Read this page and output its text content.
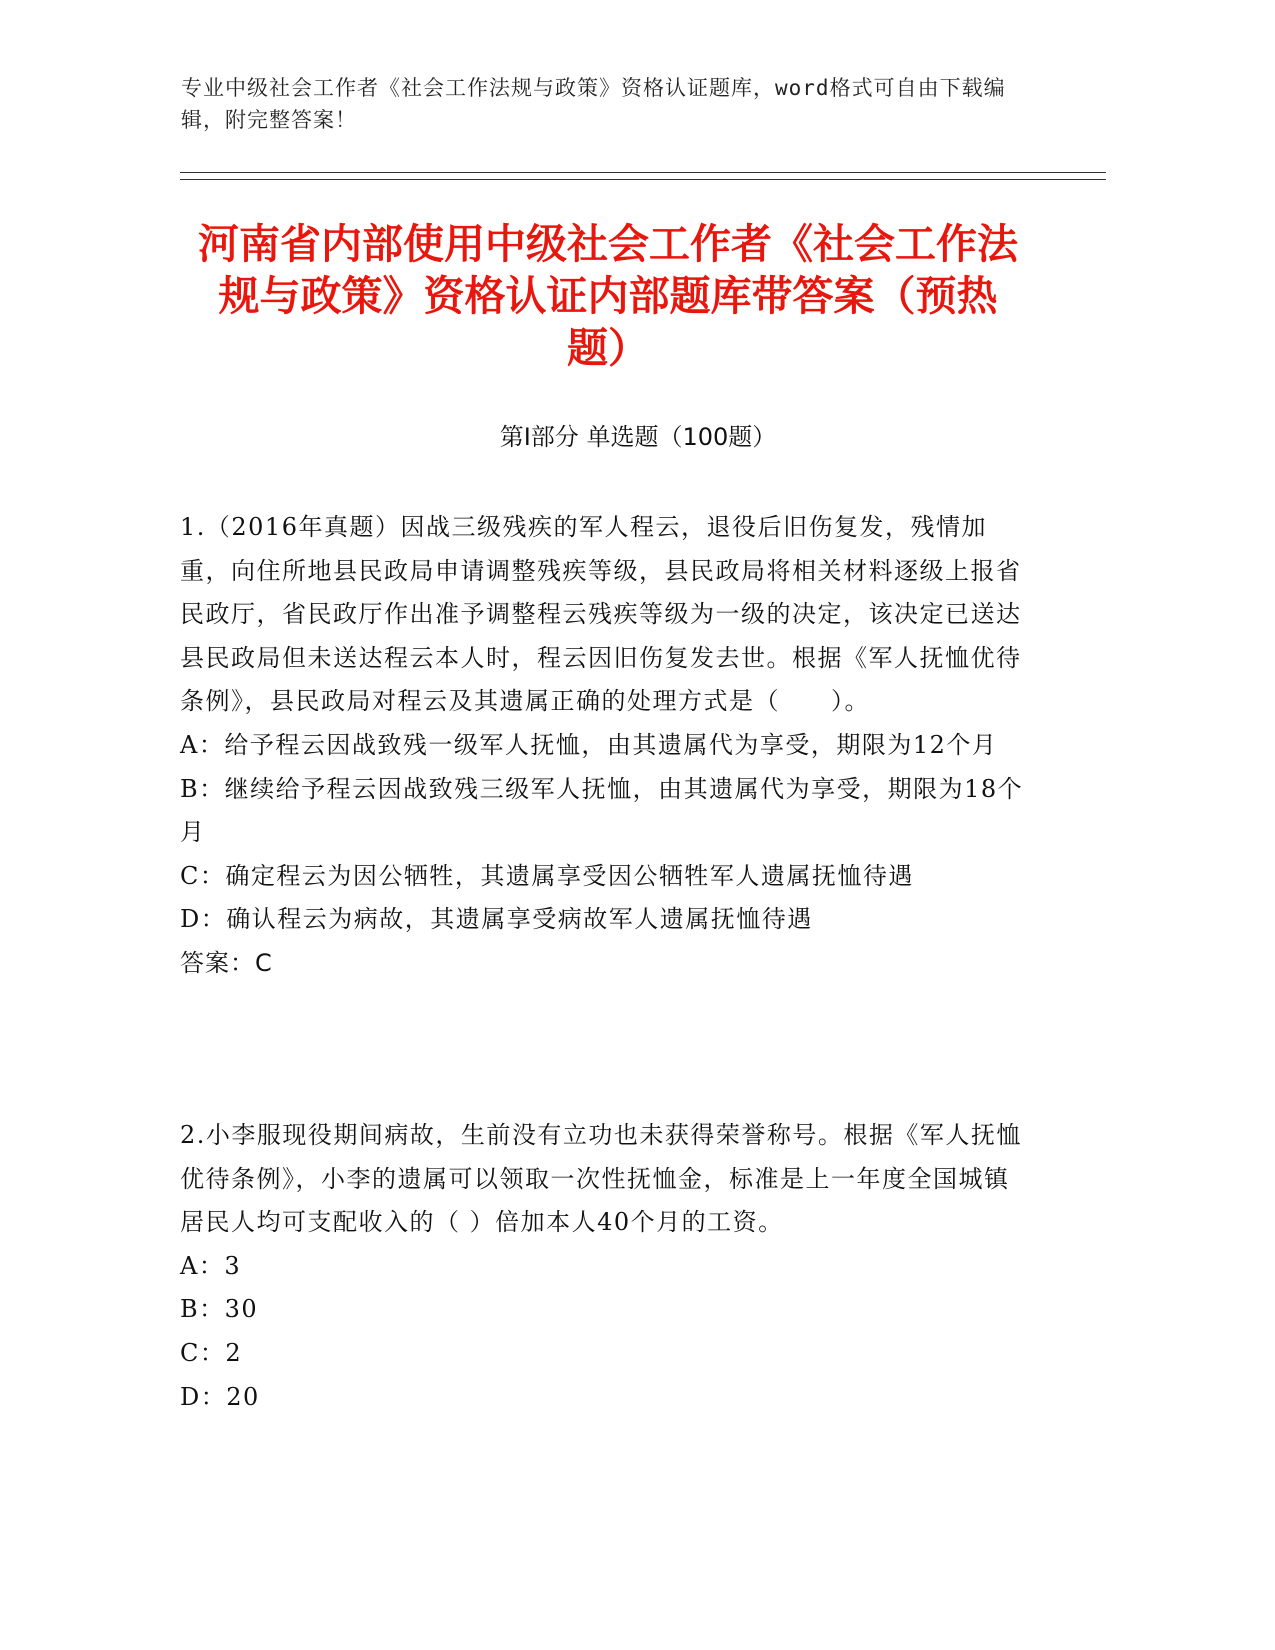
专业中级社会工作者《社会工作法规与政策》资格认证题库，word格式可自由下载编辑，附完整答案！
河南省内部使用中级社会工作者《社会工作法规与政策》资格认证内部题库带答案（预热题）
第I部分 单选题（100题）

1.（2016年真题）因战三级残疾的军人程云，退役后旧伤复发，残情加重，向住所地县民政局申请调整残疾等级，县民政局将相关材料逐级上报省民政厅，省民政厅作出准予调整程云残疾等级为一级的决定，该决定已送达县民政局但未送达程云本人时，程云因旧伤复发去世。根据《军人抚恤优待条例》，县民政局对程云及其遗属正确的处理方式是（　　）。

A：给予程云因战致残一级军人抚恤，由其遗属代为享受，期限为12个月

B：继续给予程云因战致残三级军人抚恤，由其遗属代为享受，期限为18个月

C：确定程云为因公牺牲，其遗属享受因公牺牲军人遗属抚恤待遇

D：确认程云为病故，其遗属享受病故军人遗属抚恤待遇

答案：C

2.小李服现役期间病故，生前没有立功也未获得荣誉称号。根据《军人抚恤优待条例》，小李的遗属可以领取一次性抚恤金，标准是上一年度全国城镇居民人均可支配收入的（ ）倍加本人40个月的工资。

A：3

B：30

C：2

D：20
